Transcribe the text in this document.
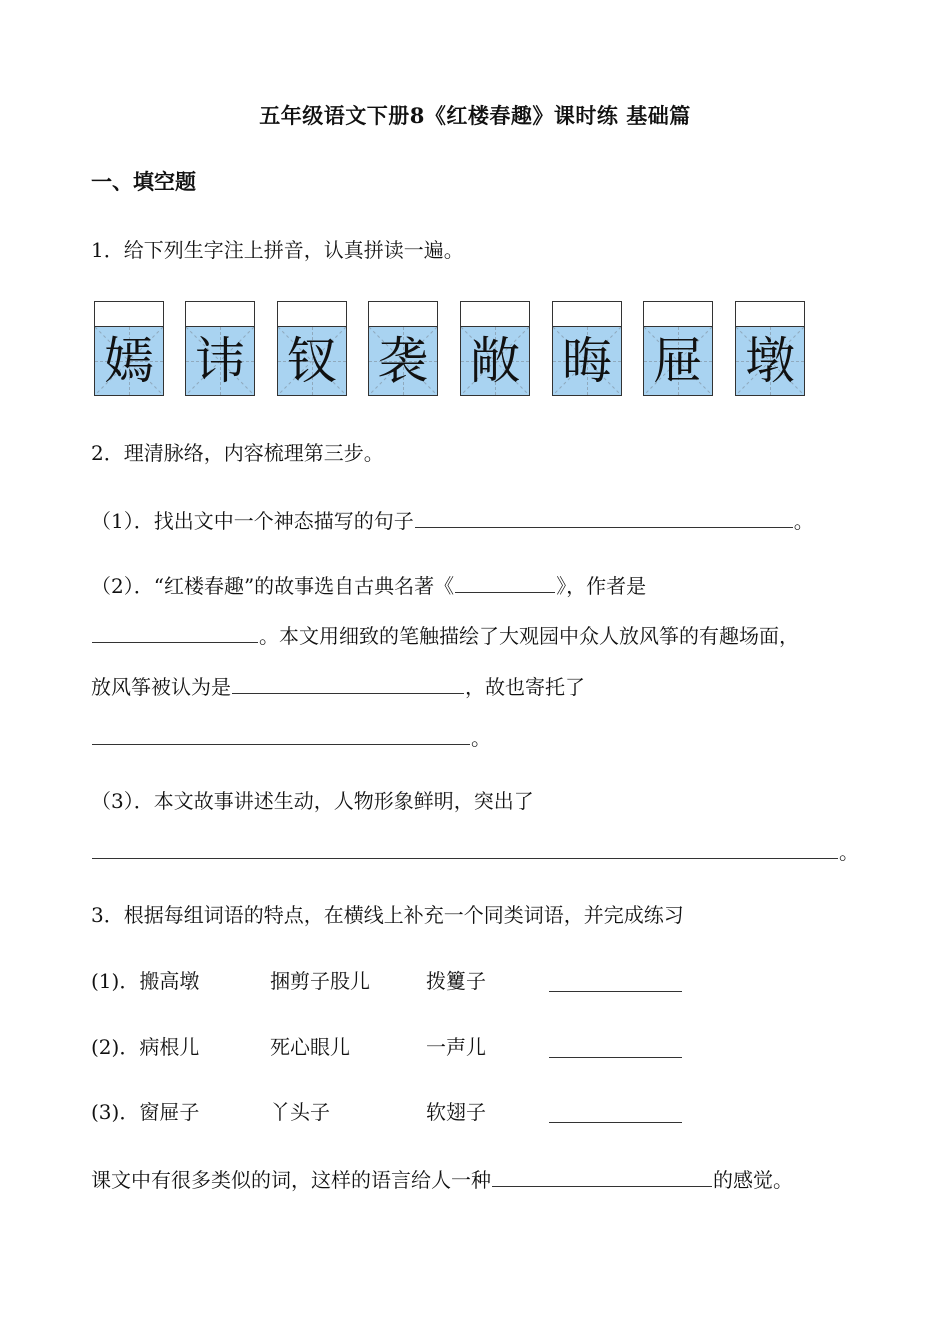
五年级语文下册8《红楼春趣》课时练 基础篇
一、填空题
1．给下列生字注上拼音，认真拼读一遍。
嫣 讳 钗 袭 敞 晦 屉 墩
2．理清脉络，内容梳理第三步。
（1）．找出文中一个神态描写的句子	。
（2）．“红楼春趣”的故事选自古典名著《	》，作者是
。本文用细致的笔触描绘了大观园中众人放风筝的有趣场面，
放风筝被认为是	，故也寄托了
。
（3）．本文故事讲述生动，人物形象鲜明，突出了
。
3．根据每组词语的特点，在横线上补充一个同类词语，并完成练习
(1)．搬高墩	捆剪子股儿	拨籰子
(2)．病根儿	死心眼儿	一声儿
(3)．窗屉子	丫头子	软翅子
课文中有很多类似的词，这样的语言给人一种	的感觉。
